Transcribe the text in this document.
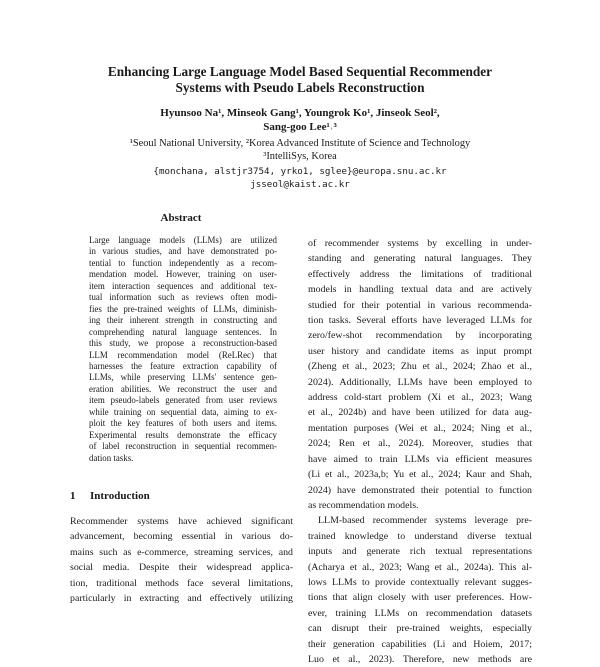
Enhancing Large Language Model Based Sequential Recommender
Systems with Pseudo Labels Reconstruction
Hyunsoo Na¹, Minseok Gang¹, Youngrok Ko¹, Jinseok Seol²,
Sang-goo Lee¹˒³
¹Seoul National University, ²Korea Advanced Institute of Science and Technology
³IntelliSys, Korea
{monchana, alstjr3754, yrko1, sglee}@europa.snu.ac.kr
jsseol@kaist.ac.kr
Abstract
Large language models (LLMs) are utilized
in various studies, and have demonstrated po-
tential to function independently as a recom-
mendation model. However, training on user-
item interaction sequences and additional tex-
tual information such as reviews often modi-
fies the pre-trained weights of LLMs, diminish-
ing their inherent strength in constructing and
comprehending natural language sentences. In
this study, we propose a reconstruction-based
LLM recommendation model (ReLRec) that
harnesses the feature extraction capability of
LLMs, while preserving LLMs' sentence gen-
eration abilities. We reconstruct the user and
item pseudo-labels generated from user reviews
while training on sequential data, aiming to ex-
ploit the key features of both users and items.
Experimental results demonstrate the efficacy
of label reconstruction in sequential recommen-
dation tasks.
1 Introduction
Recommender systems have achieved significant
advancement, becoming essential in various do-
mains such as e-commerce, streaming services, and
social media. Despite their widespread applica-
tion, traditional methods face several limitations,
particularly in extracting and effectively utilizing
of recommender systems by excelling in under-
standing and generating natural languages. They
effectively address the limitations of traditional
models in handling textual data and are actively
studied for their potential in various recommenda-
tion tasks. Several efforts have leveraged LLMs for
zero/few-shot recommendation by incorporating
user history and candidate items as input prompt
(Zheng et al., 2023; Zhu et al., 2024; Zhao et al.,
2024). Additionally, LLMs have been employed to
address cold-start problem (Xi et al., 2023; Wang
et al., 2024b) and have been utilized for data aug-
mentation purposes (Wei et al., 2024; Ning et al.,
2024; Ren et al., 2024). Moreover, studies that
have aimed to train LLMs via efficient measures
(Li et al., 2023a,b; Yu et al., 2024; Kaur and Shah,
2024) have demonstrated their potential to function
as recommendation models.
LLM-based recommender systems leverage pre-
trained knowledge to understand diverse textual
inputs and generate rich textual representations
(Acharya et al., 2023; Wang et al., 2024a). This al-
lows LLMs to provide contextually relevant sugges-
tions that align closely with user preferences. How-
ever, training LLMs on recommendation datasets
can disrupt their pre-trained weights, especially
their generation capabilities (Li and Hoiem, 2017;
Luo et al., 2023). Therefore, new methods are
